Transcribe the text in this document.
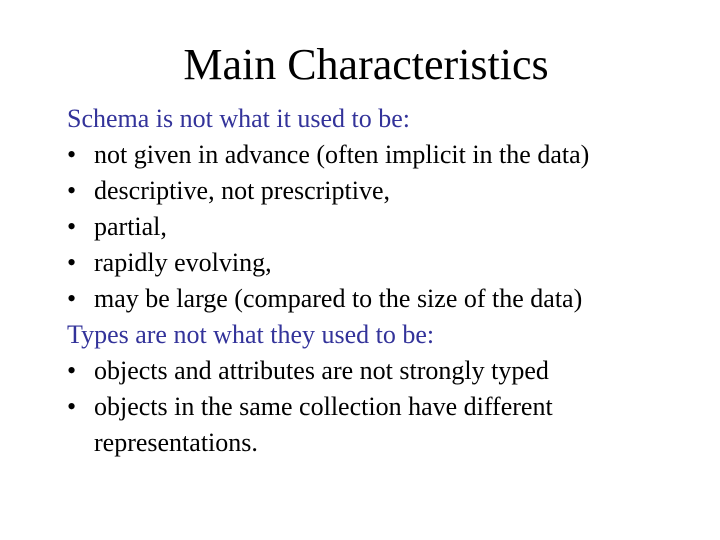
Main Characteristics
Schema is not what it used to be:
• not given in advance (often implicit in the data)
• descriptive, not prescriptive,
• partial,
• rapidly evolving,
• may be large (compared to the size of the data)
Types are not what they used to be:
• objects and attributes are not strongly typed
• objects in the same collection have different representations.
